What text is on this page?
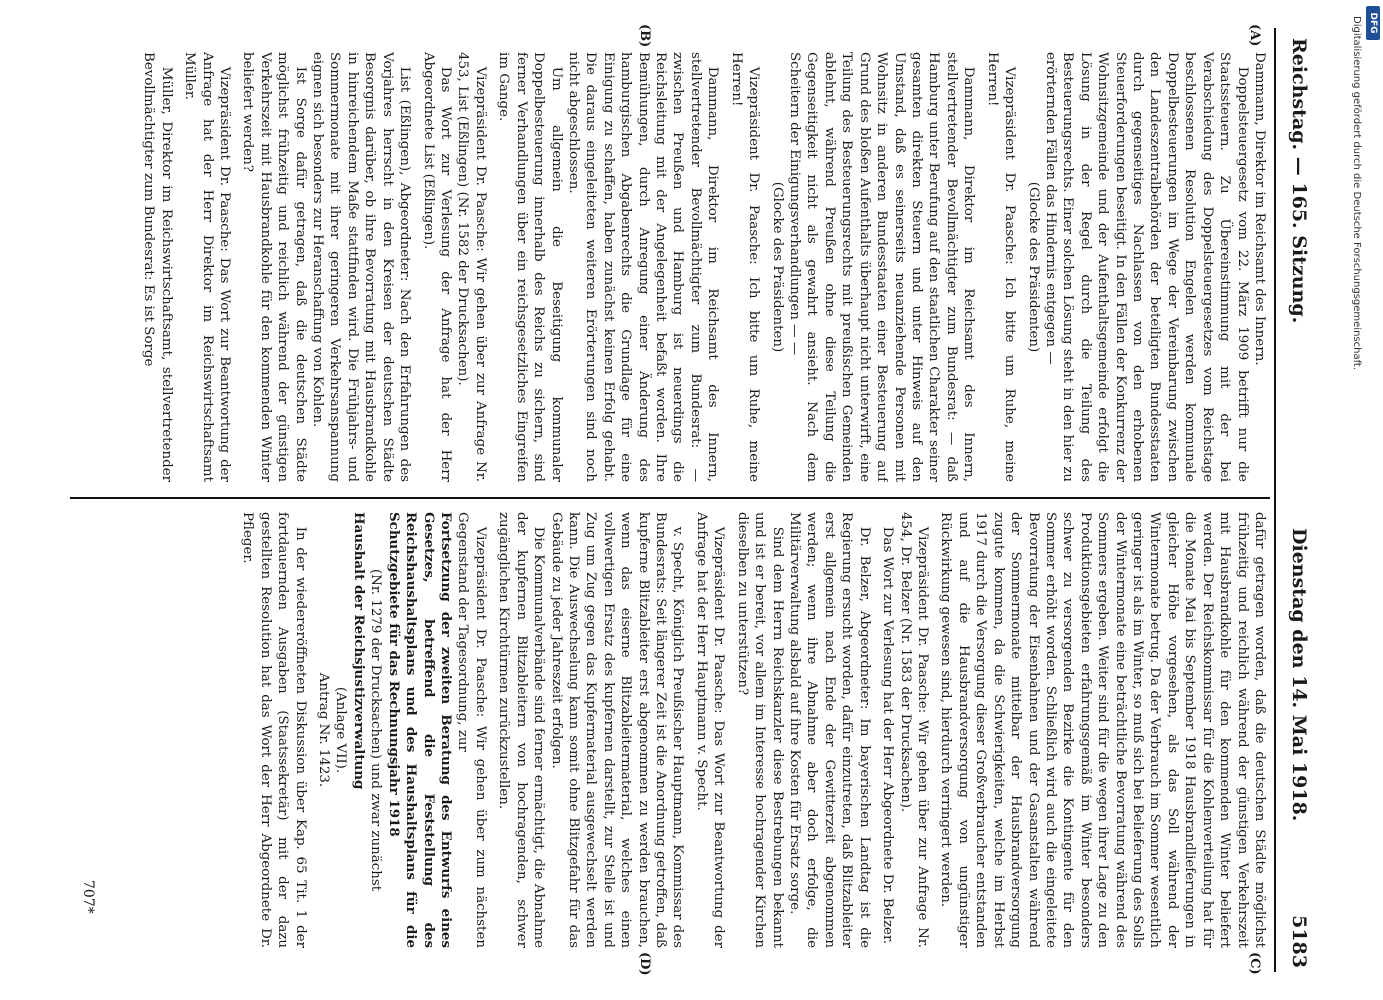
Reichstag. — 165. Sitzung.
Dienstag den 14. Mai 1918.
5183
(A)
(B)
(C)
(D)

Dammann, Direktor im Reichsamt des Innern.

Doppelsteuergesetz vom 22. März 1909 betrifft nur die Staatssteuern. Zu Übereinstimmung mit der bei Verabschiedung des Doppelsteuergesetzes vom Reichstage beschlossenen Resolution Engelen werden kommunale Doppelbesteuerungen im Wege der Vereinbarung zwischen den Landeszentralbehörden der beteiligten Bundesstaaten durch gegenseitiges Nachlassen von den erhobenen Steuerforderungen beseitigt. In den Fällen der Konkurrenz der Wohnsitzgemeinde und der Aufenthaltsgemeinde erfolgt die Lösung in der Regel durch die Teilung des Besteuerungsrechts. Einer solchen Lösung steht in den hier zu erörternden Fällen das Hindernis entgegen —

(Glocke des Präsidenten)

Vizepräsident Dr. Paasche: Ich bitte um Ruhe, meine Herren!

Dammann, Direktor im Reichsamt des Innern, stellvertretender Bevollmächtigter zum Bundesrat: — daß Hamburg unter Berufung auf den staatlichen Charakter seiner gesamten direkten Steuern und unter Hinweis auf den Umstand, daß es seinerseits neuanziehende Personen mit Wohnsitz in anderen Bundesstaaten einer Besteuerung auf Grund des bloßen Aufenthalts überhaupt nicht unterwirft, eine Teilung des Besteuerungsrechts mit preußischen Gemeinden ablehnt, während Preußen ohne diese Teilung die Gegenseitigkeit nicht als gewahrt ansieht. Nach dem Scheitern der Einigungsverhandlungen — —

(Glocke des Präsidenten)

Vizepräsident Dr. Paasche: Ich bitte um Ruhe, meine Herren!

Dammann, Direktor im Reichsamt des Innern, stellvertretender Bevollmächtigter zum Bundesrat: — zwischen Preußen und Hamburg ist neuerdings die Reichsleitung mit der Angelegenheit befaßt worden. Ihre Bemühungen, durch Anregung einer Änderung des hamburgischen Abgabenrechts die Grundlage für eine Einigung zu schaffen, haben zunächst keinen Erfolg gehabt. Die daraus eingeleiteten weiteren Erörterungen sind noch nicht abgeschlossen.

Um allgemein die Beseitigung kommunaler Doppelbesteuerung innerhalb des Reichs zu sichern, sind ferner Verhandlungen über ein reichsgesetzliches Eingreifen im Gange.

Vizepräsident Dr. Paasche: Wir gehen über zur Anfrage Nr. 453, List (Eßlingen) (Nr. 1582 der Drucksachen).

Das Wort zur Verlesung der Anfrage hat der Herr Abgeordnete List (Eßlingen).

List (Eßlingen), Abgeordneter: Nach den Erfahrungen des Vorjahres herrscht in den Kreisen der deutschen Städte Besorgnis darüber, ob ihre Bevorratung mit Hausbrandkohle in hinreichendem Maße stattfinden wird. Die Frühjahrs- und Sommermonate mit ihrer geringeren Verkehrsanspannung eignen sich besonders zur Heranschaffung von Kohlen.

Ist Sorge dafür getragen, daß die deutschen Städte möglichst frühzeitig und reichlich während der günstigen Verkehrszeit mit Hausbrandkohle für den kommenden Winter beliefert werden?

Vizepräsident Dr. Paasche: Das Wort zur Beantwortung der Anfrage hat der Herr Direktor im Reichswirtschaftsamt Müller.

Müller, Direktor im Reichswirtschaftsamt, stellvertretender Bevollmächtigter zum Bundesrat: Es ist Sorge

dafür getragen worden, daß die deutschen Städte möglichst frühzeitig und reichlich während der günstigen Verkehrszeit mit Hausbrandkohle für den kommenden Winter beliefert werden. Der Reichskommissar für die Kohlenverteilung hat für die Monate Mai bis September 1918 Hausbrandlieferungen in gleicher Höhe vorgesehen, als das Soll während der Wintermonate betrug. Da der Verbrauch im Sommer wesentlich geringer ist als im Winter, so muß sich bei Belieferung des Solls der Wintermonate eine beträchtliche Bevorratung während des Sommers ergeben. Weiter sind für die wegen ihrer Lage zu den Produktionsgebieten erfahrungsgemäß im Winter besonders schwer zu versorgenden Bezirke die Kontingente für den Sommer erhöht worden. Schließlich wird auch die eingeleitete Bevorratung der Eisenbahnen und der Gasanstalten während der Sommermonate mittelbar der Hausbrandversorgung zugute kommen, da die Schwierigkeiten, welche im Herbst 1917 durch die Versorgung dieser Großverbraucher entstanden und auf die Hausbrandversorgung von ungünstiger Rückwirkung gewesen sind, hierdurch verringert werden.

Vizepräsident Dr. Paasche: Wir gehen über zur Anfrage Nr. 454, Dr. Belzer (Nr. 1583 der Drucksachen).

Das Wort zur Verlesung hat der Herr Abgeordnete Dr. Belzer.

Dr. Belzer, Abgeordneter: Im bayerischen Landtag ist die Regierung ersucht worden, dafür einzutreten, daß Blitzableiter erst allgemein nach Ende der Gewitterzeit abgenommen werden; wenn ihre Abnahme aber doch erfolge, die Militärverwaltung alsbald auf ihre Kosten für Ersatz sorge.

Sind dem Herrn Reichskanzler diese Bestrebungen bekannt und ist er bereit, vor allem im Interesse hochragender Kirchen dieselben zu unterstützen?

Vizepräsident Dr. Paasche: Das Wort zur Beantwortung der Anfrage hat der Herr Hauptmann v. Specht.

v. Specht, Königlich Preußischer Hauptmann, Kommissar des Bundesrats: Seit längerer Zeit ist die Anordnung getroffen, daß kupferne Blitzableiter erst abgenommen zu werden brauchen, wenn das eiserne Blitzableitermaterial, welches einen vollwertigen Ersatz des kupfernen darstellt, zur Stelle ist und Zug um Zug gegen das Kupfermaterial ausgewechselt werden kann. Die Auswechselung kann somit ohne Blitzgefahr für das Gebäude zu jeder Jahreszeit erfolgen.

Die Kommunalverbände sind ferner ermächtigt, die Abnahme der kupfernen Blitzableitern von hochragenden, schwer zugänglichen Kirchtürmen zurückzustellen.

Vizepräsident Dr. Paasche: Wir gehen über zum nächsten Gegenstand der Tagesordnung, zur

Fortsetzung der zweiten Beratung des Entwurfs eines Gesetzes, betreffend die Feststellung des Reichshaushaltsplans und des Haushaltsplans für die Schutzgebiete für das Rechnungsjahr 1918

(Nr. 1279 der Drucksachen) und zwar zunächst

Haushalt der Reichsjustizverwaltung

(Anlage VII).

Antrag Nr. 1423.

In der wiedereröffneten Diskussion über Kap. 65 Tit. 1 der fortdauernden Ausgaben (Staatssekretär) mit der dazu gestellten Resolution hat das Wort der Herr Abgeordnete Dr. Pfleger.

707*
Digitalisierung gefördert durch die Deutsche Forschungsgemeinschaft. DFG
